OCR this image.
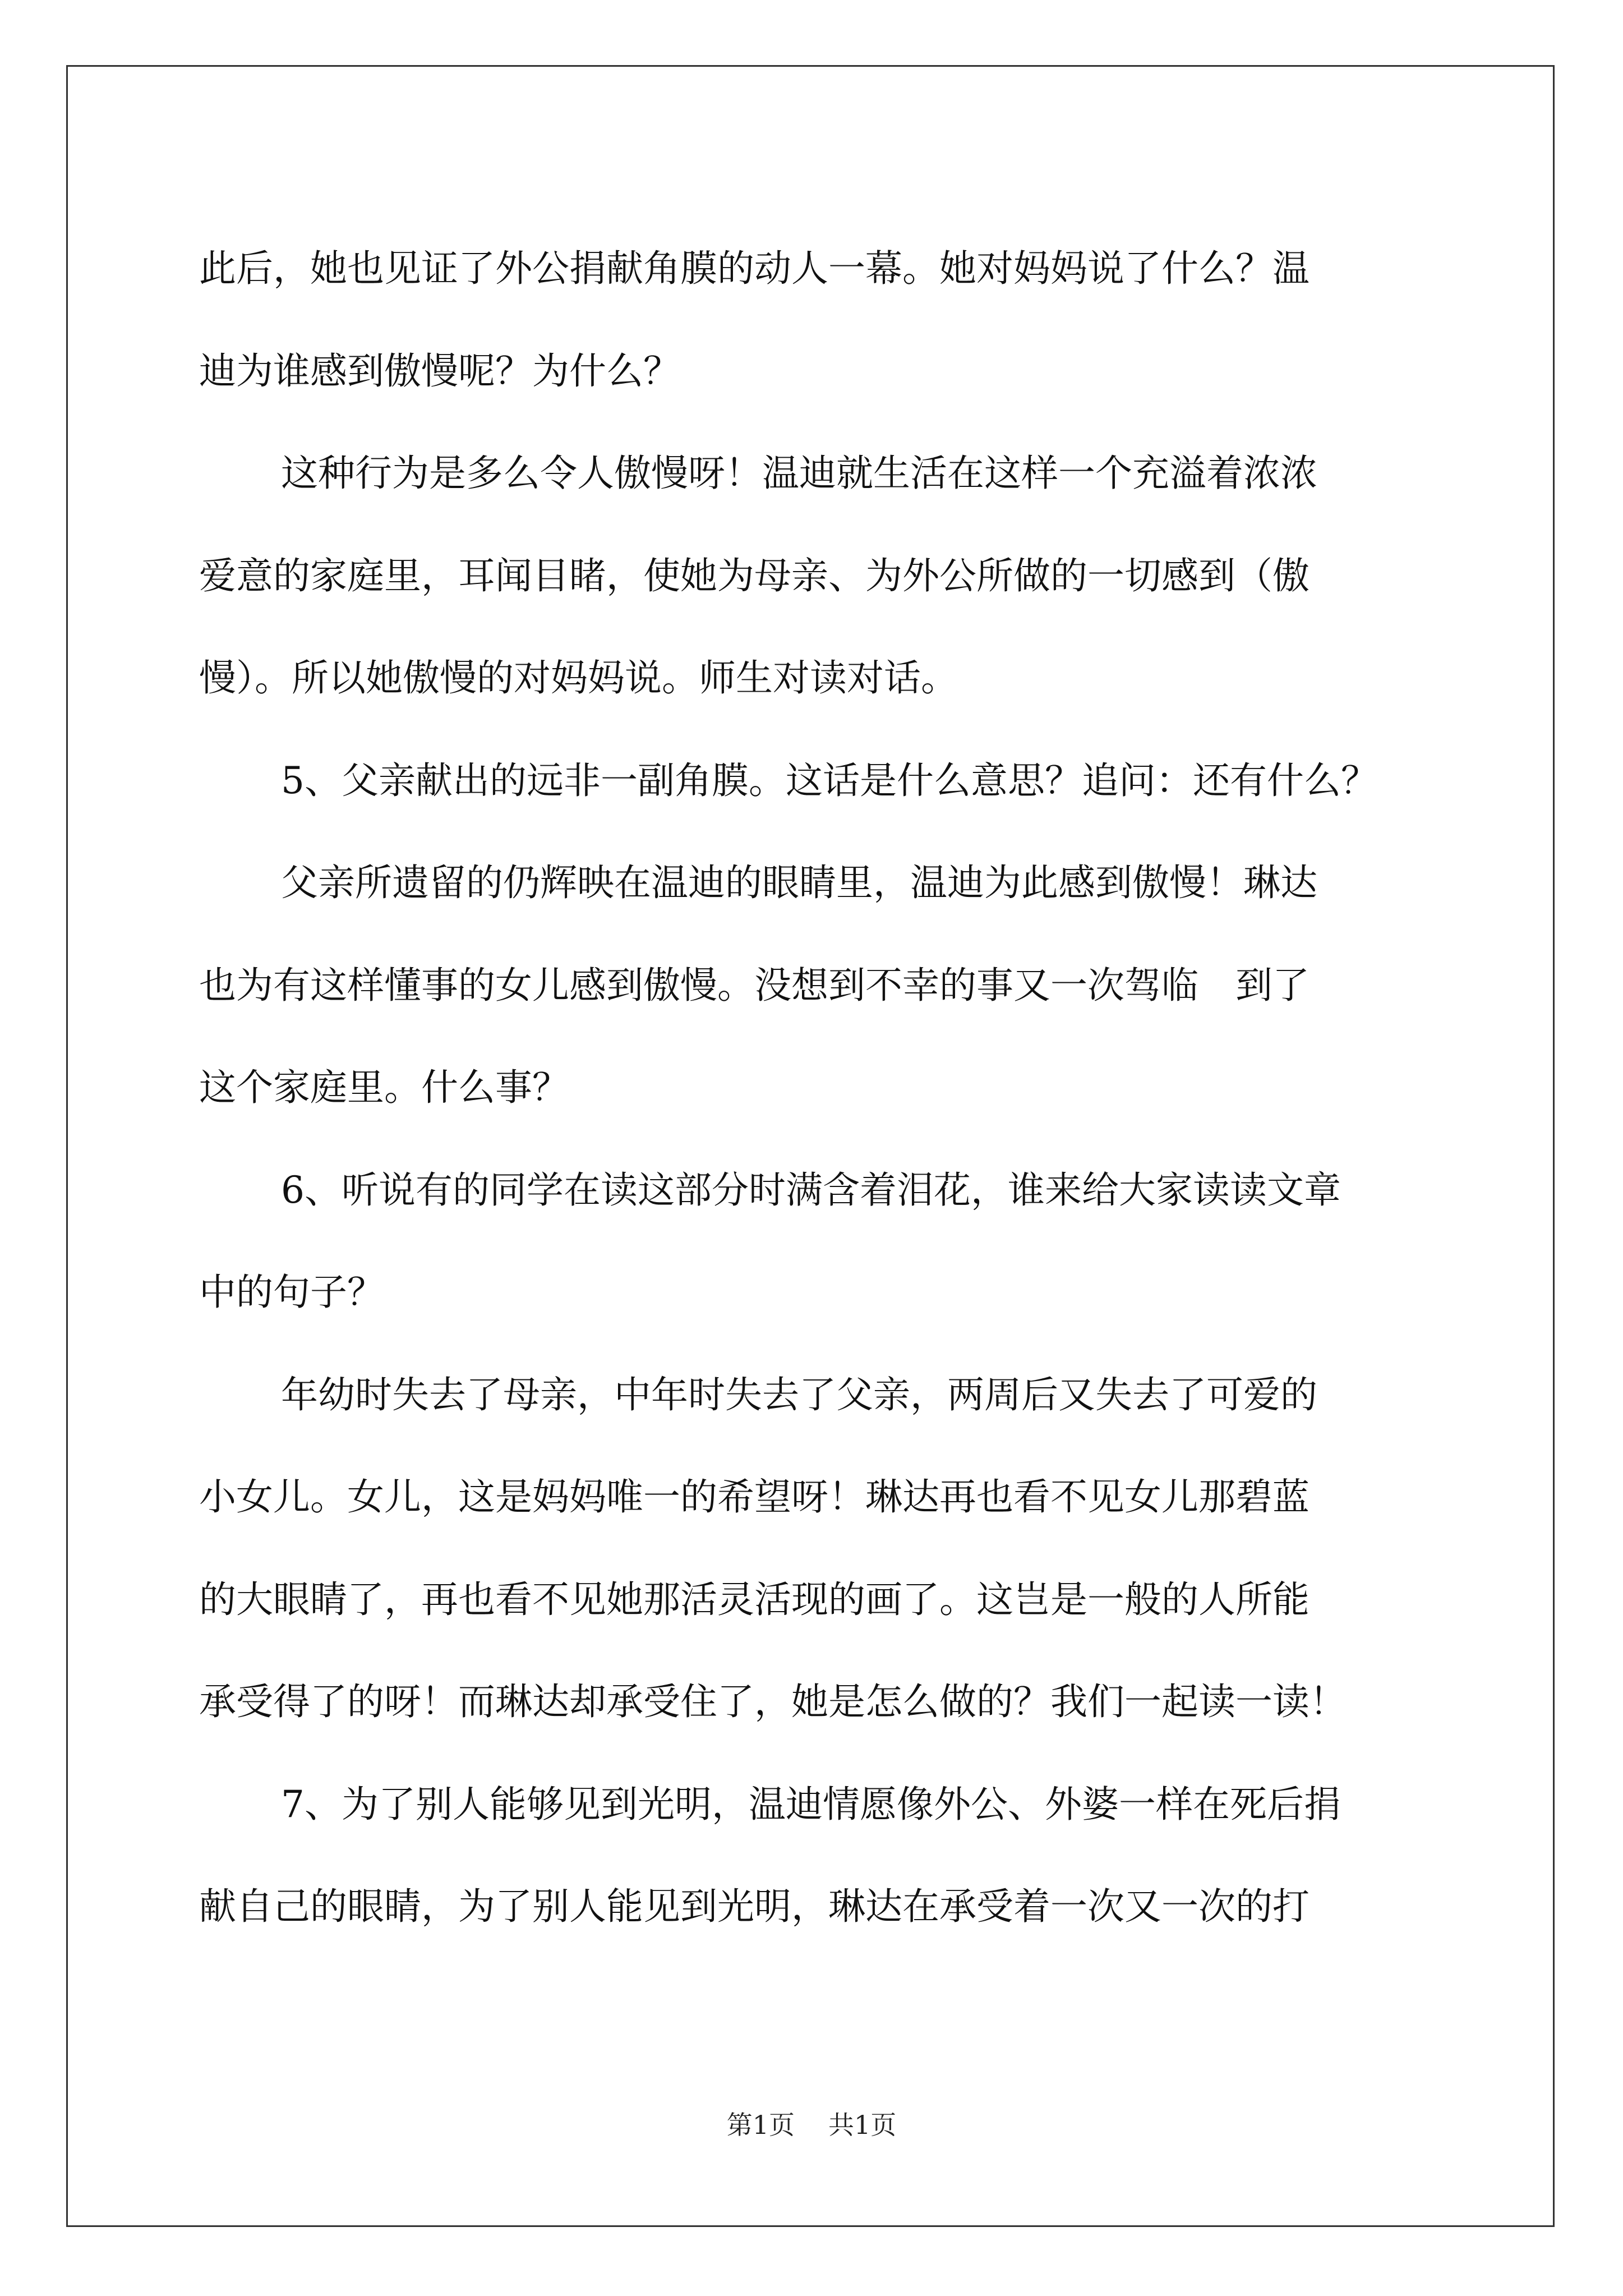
此后，她也见证了外公捐献角膜的动人一幕。她对妈妈说了什么？温
迪为谁感到傲慢呢？为什么？
这种行为是多么令人傲慢呀！温迪就生活在这样一个充溢着浓浓
爱意的家庭里，耳闻目睹，使她为母亲、为外公所做的一切感到（傲
慢）。所以她傲慢的对妈妈说。师生对读对话。
5、父亲献出的远非一副角膜。这话是什么意思？追问：还有什么？
父亲所遗留的仍辉映在温迪的眼睛里，温迪为此感到傲慢！琳达
也为有这样懂事的女儿感到傲慢。没想到不幸的事又一次驾临　到了
这个家庭里。什么事？
6、听说有的同学在读这部分时满含着泪花，谁来给大家读读文章
中的句子？
年幼时失去了母亲，中年时失去了父亲，两周后又失去了可爱的
小女儿。女儿，这是妈妈唯一的希望呀！琳达再也看不见女儿那碧蓝
的大眼睛了，再也看不见她那活灵活现的画了。这岂是一般的人所能
承受得了的呀！而琳达却承受住了，她是怎么做的？我们一起读一读！
7、为了别人能够见到光明，温迪情愿像外公、外婆一样在死后捐
献自己的眼睛，为了别人能见到光明，琳达在承受着一次又一次的打
第1页 共1页
